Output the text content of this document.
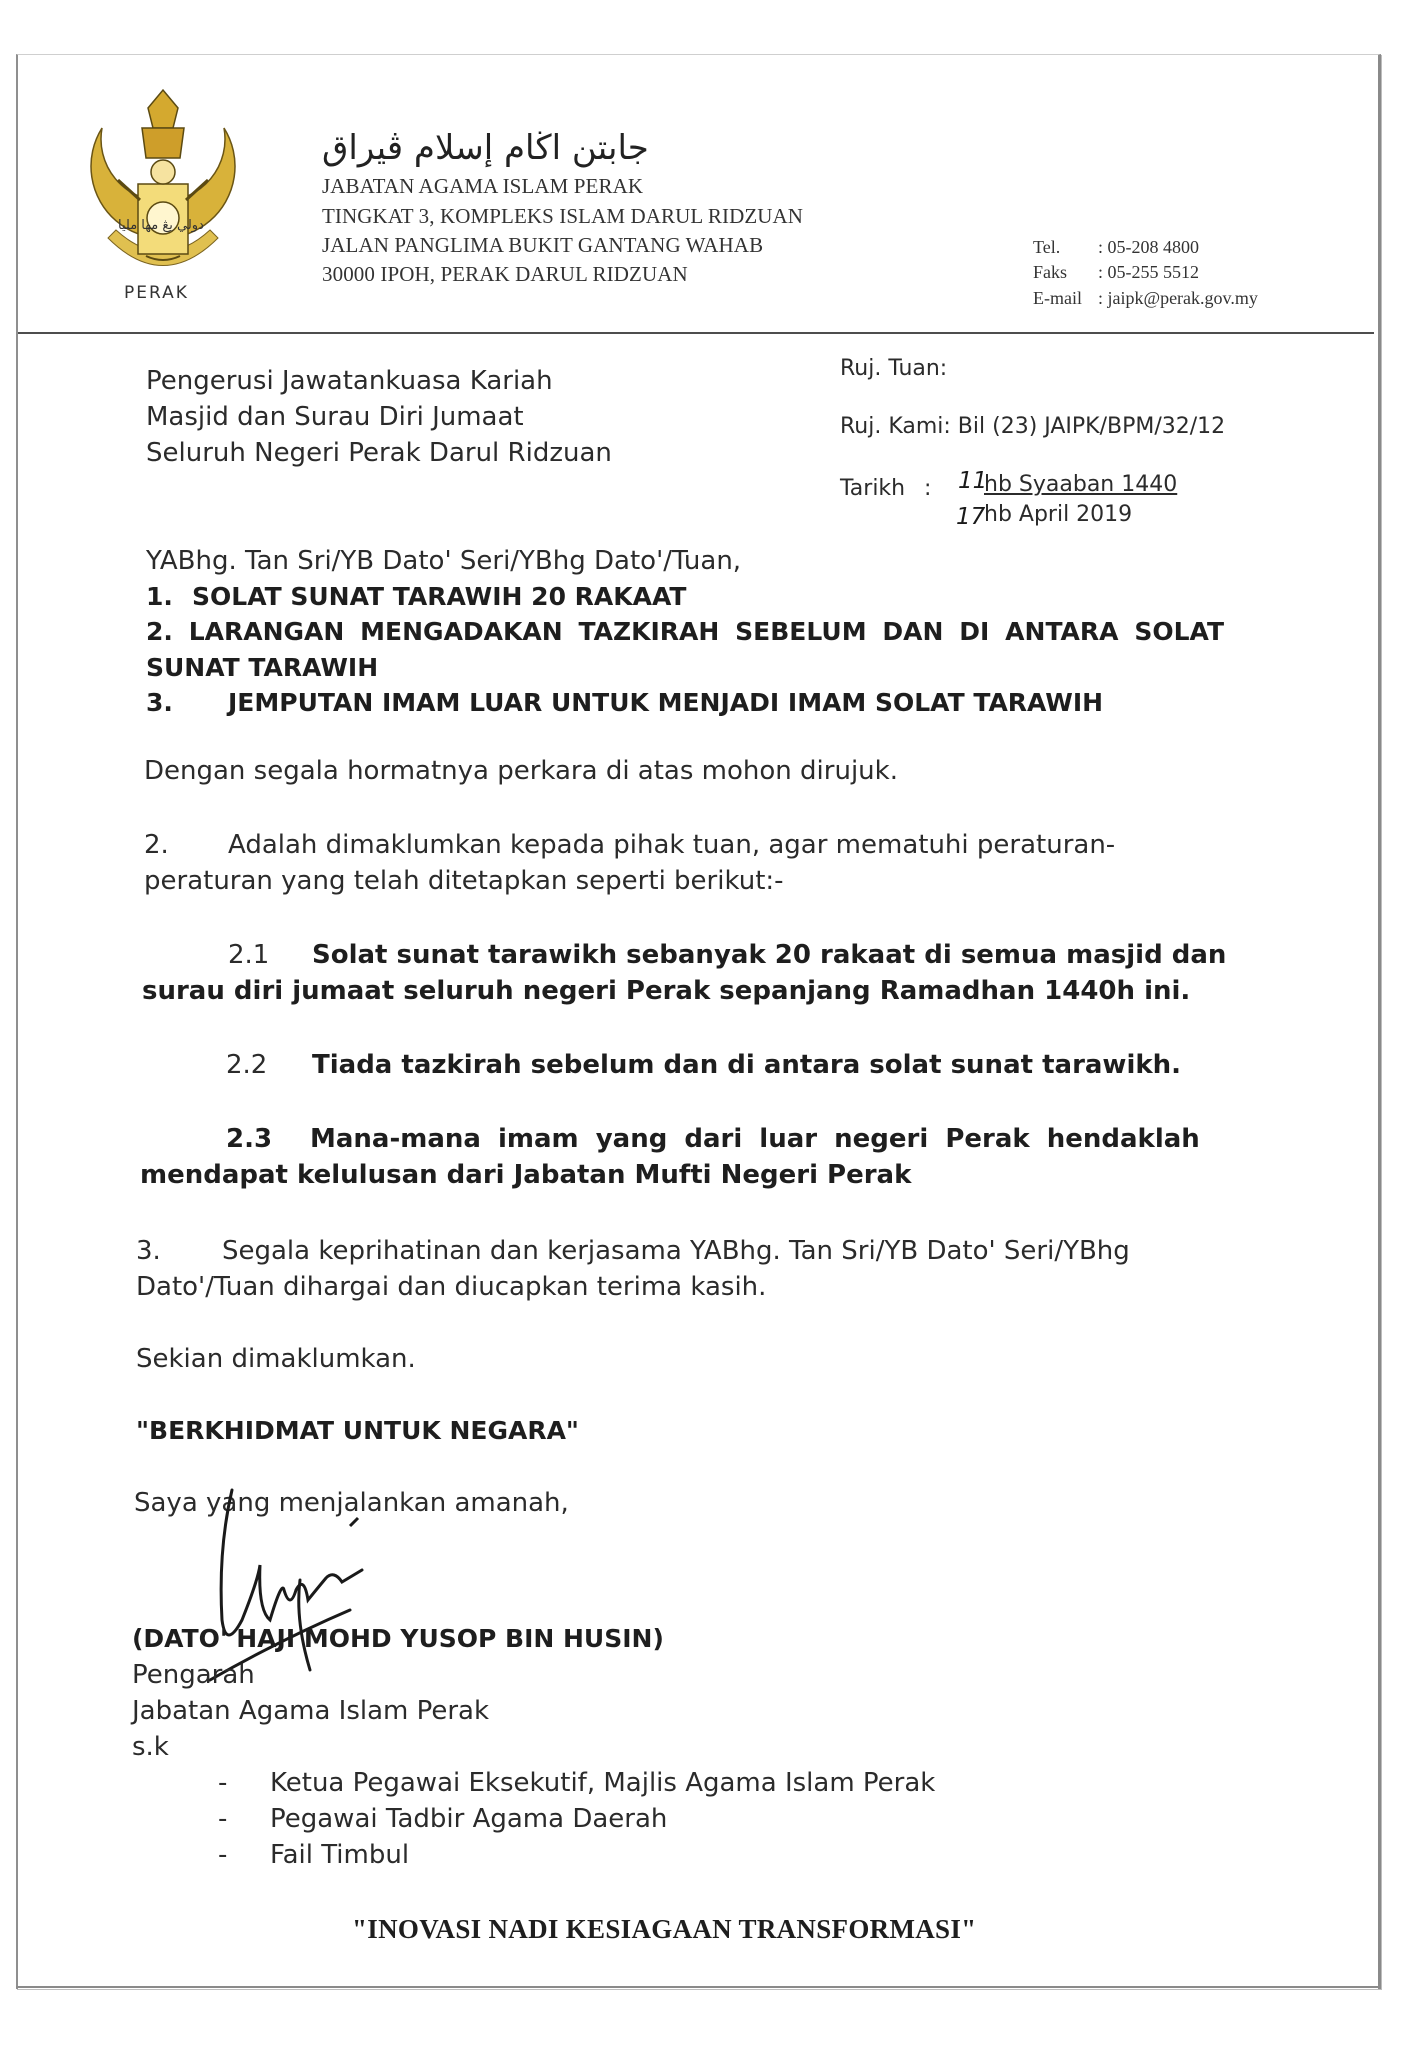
دولي يڠ مها مليا
PERAK
جابتن اڬام إسلام ڤيراق
JABATAN AGAMA ISLAM PERAK
TINGKAT 3, KOMPLEKS ISLAM DARUL RIDZUAN
JALAN PANGLIMA BUKIT GANTANG WAHAB
30000 IPOH, PERAK DARUL RIDZUAN
Tel. : 05-208 4800
Faks : 05-255 5512
E-mail : jaipk@perak.gov.my
Pengerusi Jawatankuasa Kariah
Masjid dan Surau Diri Jumaat
Seluruh Negeri Perak Darul Ridzuan
Ruj. Tuan:
Ruj. Kami: Bil (23) JAIPK/BPM/32/12
Tarikh : 11
hb Syaaban 1440
17
hb April 2019
YABhg. Tan Sri/YB Dato' Seri/YBhg Dato'/Tuan,
1. SOLAT SUNAT TARAWIH 20 RAKAAT
2. LARANGAN MENGADAKAN TAZKIRAH SEBELUM DAN DI ANTARA SOLAT SUNAT TARAWIH
3. JEMPUTAN IMAM LUAR UNTUK MENJADI IMAM SOLAT TARAWIH
Dengan segala hormatnya perkara di atas mohon dirujuk.
2. Adalah dimaklumkan kepada pihak tuan, agar mematuhi peraturan-
peraturan yang telah ditetapkan seperti berikut:-
2.1 Solat sunat tarawikh sebanyak 20 rakaat di semua masjid dan
surau diri jumaat seluruh negeri Perak sepanjang Ramadhan 1440h ini.
2.2 Tiada tazkirah sebelum dan di antara solat sunat tarawikh.
2.3 Mana-mana imam yang dari luar negeri Perak hendaklah
mendapat kelulusan dari Jabatan Mufti Negeri Perak
3. Segala keprihatinan dan kerjasama YABhg. Tan Sri/YB Dato' Seri/YBhg
Dato'/Tuan dihargai dan diucapkan terima kasih.
Sekian dimaklumkan.
"BERKHIDMAT UNTUK NEGARA"
Saya yang menjalankan amanah,
(DATO' HAJI MOHD YUSOP BIN HUSIN)
Pengarah
Jabatan Agama Islam Perak
s.k
- Ketua Pegawai Eksekutif, Majlis Agama Islam Perak
- Pegawai Tadbir Agama Daerah
- Fail Timbul
"INOVASI NADI KESIAGAAN TRANSFORMASI"
